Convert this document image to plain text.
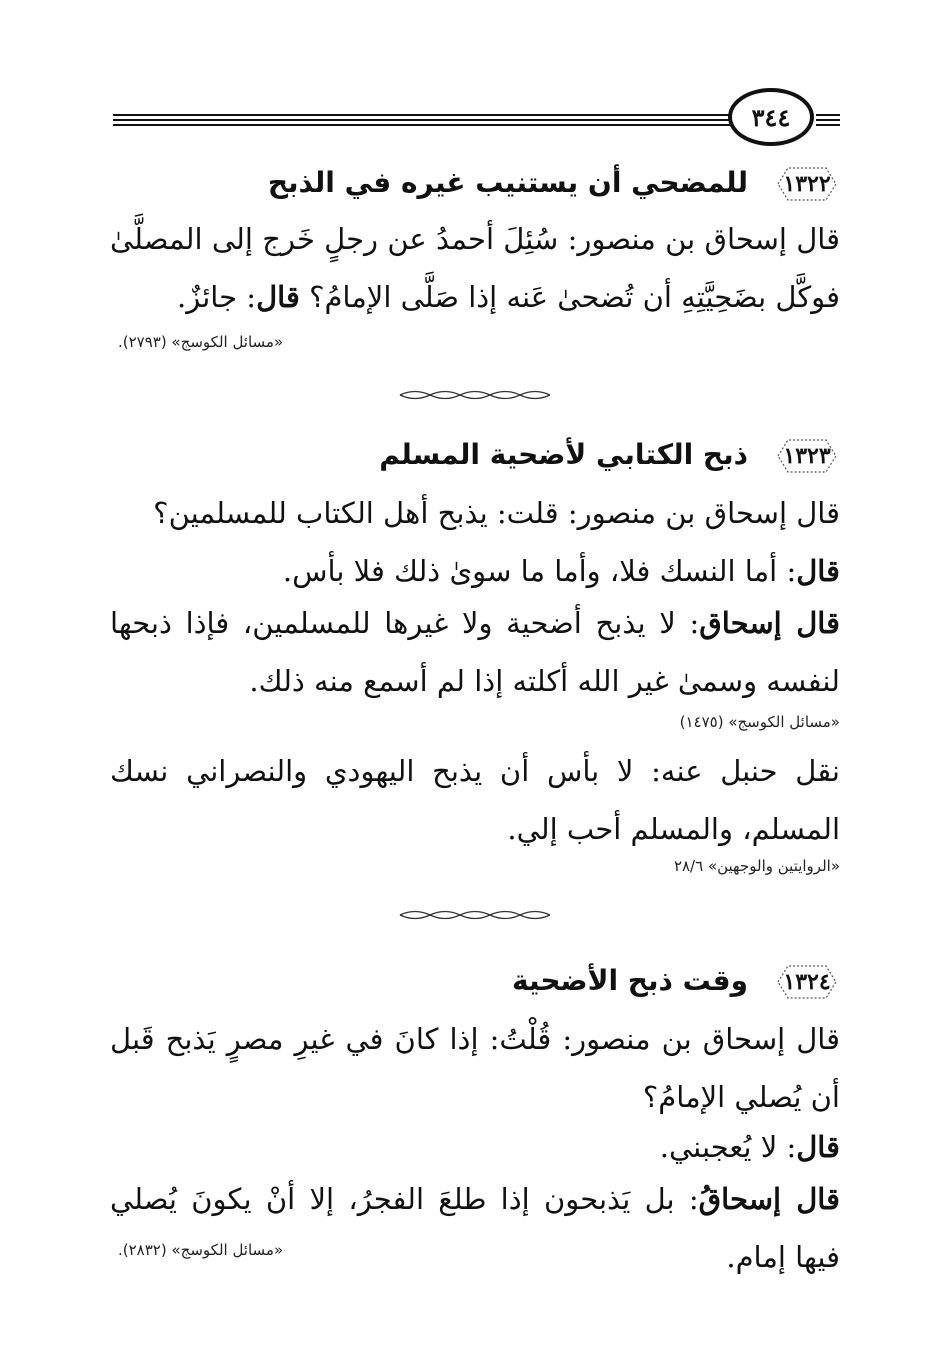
٣٤٤
١٣٢٢
للمضحي أن يستنيب غيره في الذبح
قال إسحاق بن منصور: سُئِلَ أحمدُ عن رجلٍ خَرج إلى المصلَّىٰ فوكَّل بضَحِيَّتِهِ أن تُضحىٰ عَنه إذا صَلَّى الإمامُ؟ قال: جائزٌ.
«مسائل الكوسج» (٢٧٩٣).
١٣٢٣
ذبح الكتابي لأضحية المسلم
قال إسحاق بن منصور: قلت: يذبح أهل الكتاب للمسلمين؟
قال: أما النسك فلا، وأما ما سوىٰ ذلك فلا بأس.
قال إسحاق: لا يذبح أضحية ولا غيرها للمسلمين، فإذا ذبحها لنفسه وسمىٰ غير الله أكلته إذا لم أسمع منه ذلك.
«مسائل الكوسج» (١٤٧٥)
نقل حنبل عنه: لا بأس أن يذبح اليهودي والنصراني نسك المسلم، والمسلم أحب إلي.
«الروايتين والوجهين» ٢٨/٦
١٣٢٤
وقت ذبح الأضحية
قال إسحاق بن منصور: قُلْتُ: إذا كانَ في غيرِ مصرٍ يَذبح قَبل أن يُصلي الإمامُ؟
قال: لا يُعجبني.
قال إسحاقُ: بل يَذبحون إذا طلعَ الفجرُ، إلا أنْ يكونَ يُصلي فيها إمام.
«مسائل الكوسج» (٢٨٣٢).
